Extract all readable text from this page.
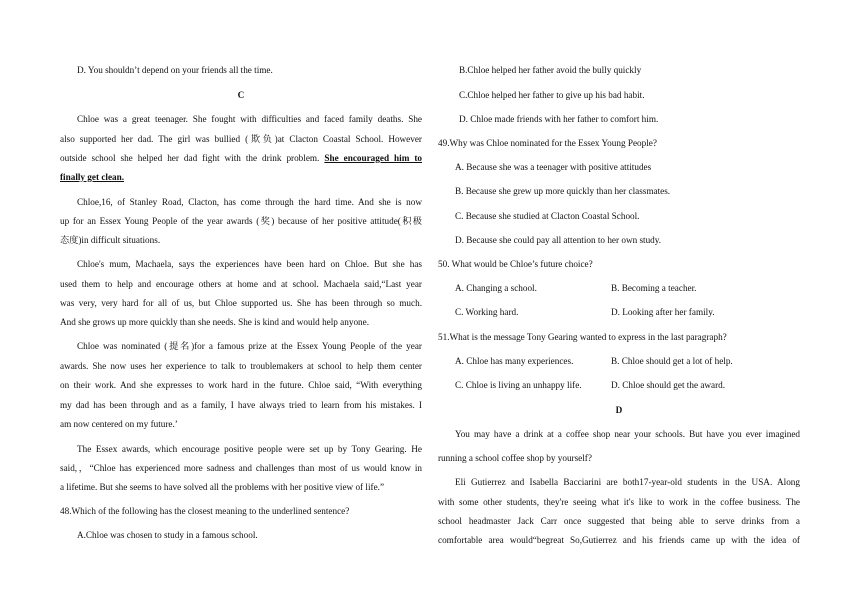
D. You shouldn’t depend on your friends all the time.
C
Chloe was a great teenager. She fought with difficulties and faced family deaths. She
also supported her dad. The girl was bullied (欺负)at Clacton Coastal School. However
outside school she helped her dad fight with the drink problem. She encouraged him to
finally get clean.
Chloe,16, of Stanley Road, Clacton, has come through the hard time. And she is now
up for an Essex Young People of the year awards (奖) because of her positive attitude(积极
态度)in difficult situations.
Chloe's mum, Machaela, says the experiences have been hard on Chloe. But she has
used them to help and encourage others at home and at school. Machaela said,“Last year
was very, very hard for all of us, but Chloe supported us. She has been through so much.
And she grows up more quickly than she needs. She is kind and would help anyone.
Chloe was nominated (提名)for a famous prize at the Essex Young People of the year
awards. She now uses her experience to talk to troublemakers at school to help them center
on their work. And she expresses to work hard in the future. Chloe said, “With everything
my dad has been through and as a family, I have always tried to learn from his mistakes. I
am now centered on my future.’
The Essex awards, which encourage positive people were set up by Tony Gearing. He
said,，“Chloe has experienced more sadness and challenges than most of us would know in
a lifetime. But she seems to have solved all the problems with her positive view of life.”
48.Which of the following has the closest meaning to the underlined sentence?
A.Chloe was chosen to study in a famous school.
B.Chloe helped her father avoid the bully quickly
C.Chloe helped her father to give up his bad habit.
D. Chloe made friends with her father to comfort him.
49.Why was Chloe nominated for the Essex Young People?
A. Because she was a teenager with positive attitudes
B. Because she grew up more quickly than her classmates.
C. Because she studied at Clacton Coastal School.
D. Because she could pay all attention to her own study.
50. What would be Chloe’s future choice?
A. Changing a school.	B. Becoming a teacher.
C. Working hard.	D. Looking after her family.
51.What is the message Tony Gearing wanted to express in the last paragraph?
A. Chloe has many experiences.	B. Chloe should get a lot of help.
C. Chloe is living an unhappy life.	D. Chloe should get the award.
D
You may have a drink at a coffee shop near your schools. But have you ever imagined
running a school coffee shop by yourself?
Eli Gutierrez and Isabella Bacciarini are both17-year-old students in the USA. Along
with some other students, they're seeing what it's like to work in the coffee business. The
school headmaster Jack Carr once suggested that being able to serve drinks from a
comfortable area would“begreat So,Gutierrez and his friends came up with the idea of
